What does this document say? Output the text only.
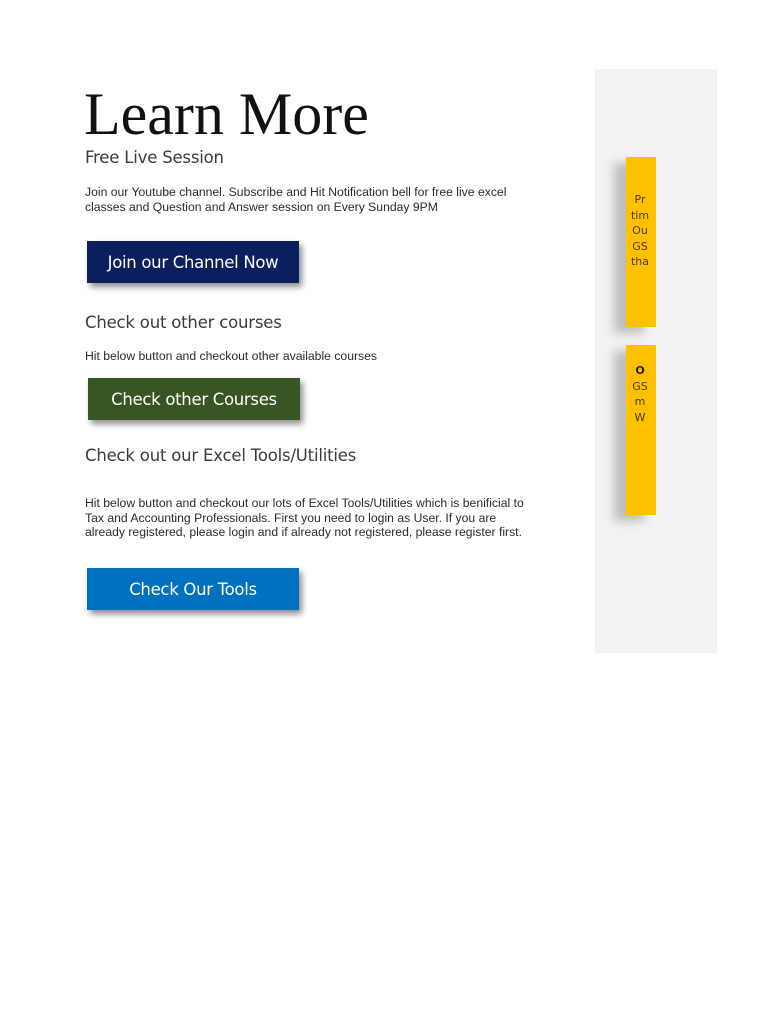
Learn More
Free Live Session

Join our Youtube channel. Subscribe and Hit Notification bell for free live excel classes and Question and Answer session on Every Sunday 9PM

Join our Channel Now
Check out other courses

Hit below button and checkout other available courses

Check other Courses
Check out our Excel Tools/Utilities

Hit below button and checkout our lots of Excel Tools/Utilities which is benificial to Tax and Accounting Professionals. First you need to login as User. If you are already registered, please login and if already not registered, please register first.

Check Our Tools

Pr
tim
Ou
GS
tha

O
GS
m
W
